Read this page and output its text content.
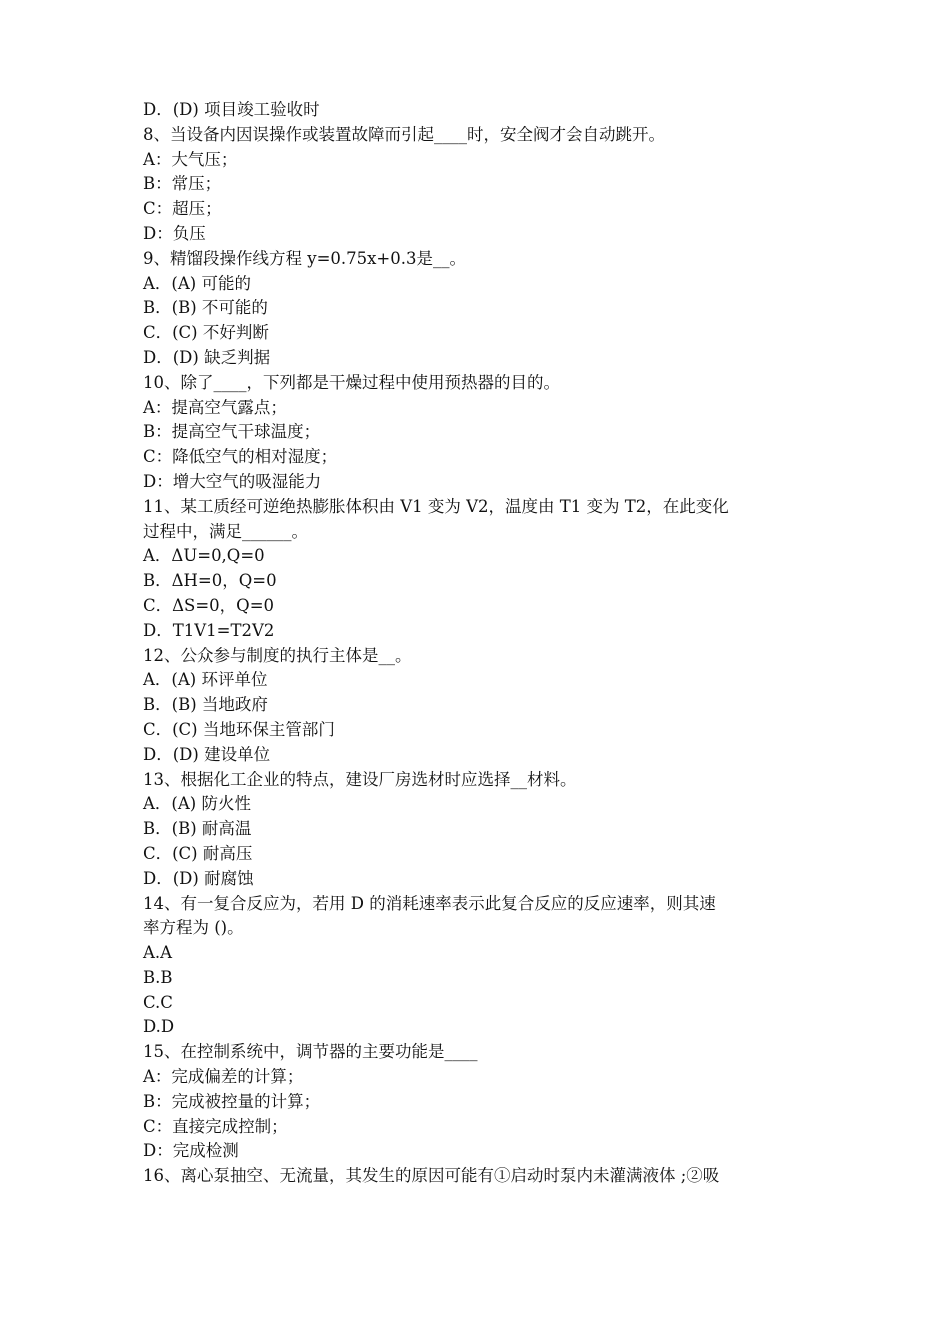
D．(D) 项目竣工验收时

8、当设备内因误操作或装置故障而引起____时，安全阀才会自动跳开。

A：大气压；

B：常压；

C：超压；

D：负压

9、精馏段操作线方程 y=0.75x+0.3是__。

A．(A) 可能的

B．(B) 不可能的

C．(C) 不好判断

D．(D) 缺乏判据

10、除了____，下列都是干燥过程中使用预热器的目的。

A：提高空气露点；

B：提高空气干球温度；

C：降低空气的相对湿度；

D：增大空气的吸湿能力

11、某工质经可逆绝热膨胀体积由 V1 变为 V2，温度由 T1 变为 T2，在此变化

过程中，满足______。

A．ΔU=0,Q=0

B．ΔH=0，Q=0

C．ΔS=0，Q=0

D．T1V1=T2V2

12、公众参与制度的执行主体是__。

A．(A) 环评单位

B．(B) 当地政府

C．(C) 当地环保主管部门

D．(D) 建设单位

13、根据化工企业的特点，建设厂房选材时应选择__材料。

A．(A) 防火性

B．(B) 耐高温

C．(C) 耐高压

D．(D) 耐腐蚀

14、有一复合反应为，若用 D 的消耗速率表示此复合反应的反应速率，则其速

率方程为 ()。

A.A

B.B

C.C

D.D

15、在控制系统中，调节器的主要功能是____

A：完成偏差的计算；

B：完成被控量的计算；

C：直接完成控制；

D：完成检测

16、离心泵抽空、无流量，其发生的原因可能有①启动时泵内未灌满液体 ;②吸
